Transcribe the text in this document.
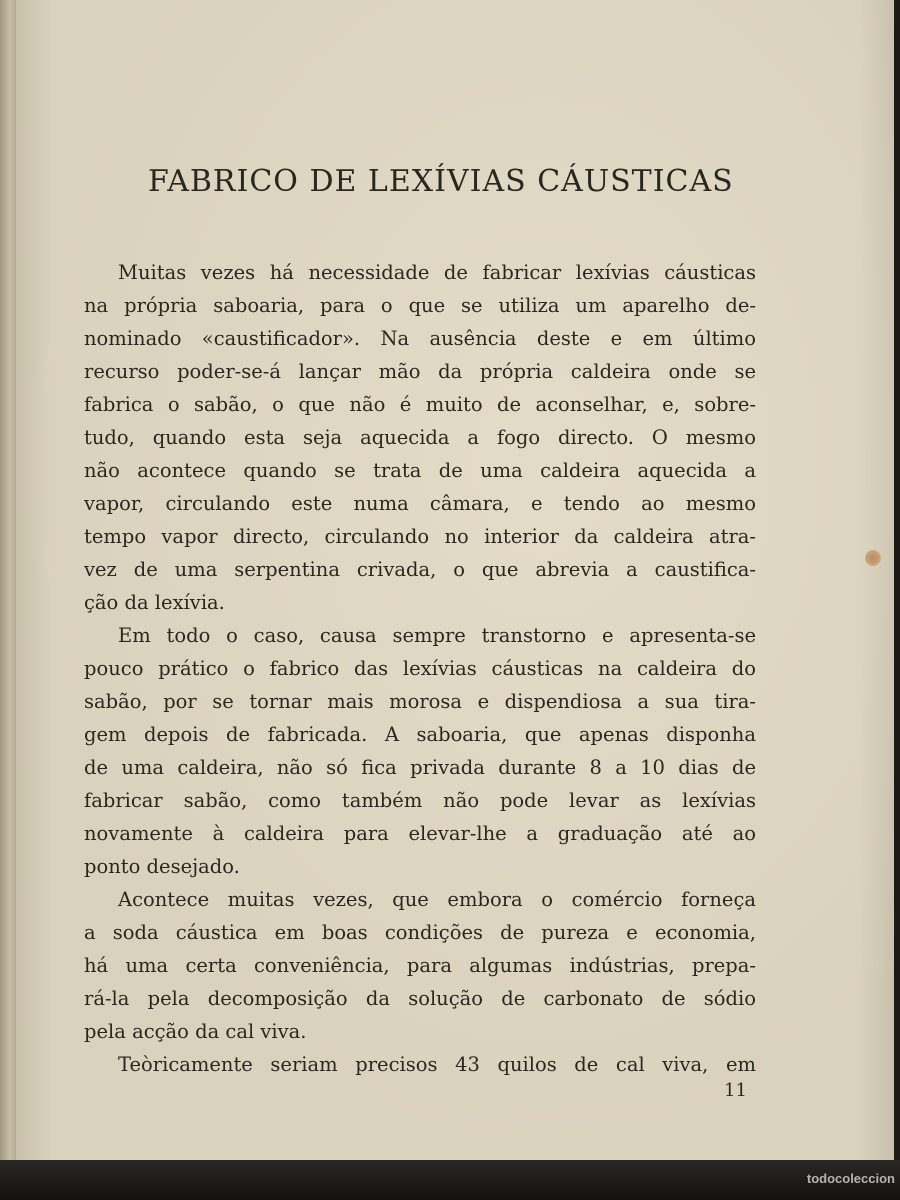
FABRICO DE LEXÍVIAS CÁUSTICAS
Muitas vezes há necessidade de fabricar lexívias cáusticas
na própria saboaria, para o que se utiliza um aparelho de-
nominado «caustificador». Na ausência deste e em último
recurso poder-se-á lançar mão da própria caldeira onde se
fabrica o sabão, o que não é muito de aconselhar, e, sobre-
tudo, quando esta seja aquecida a fogo directo. O mesmo
não acontece quando se trata de uma caldeira aquecida a
vapor, circulando este numa câmara, e tendo ao mesmo
tempo vapor directo, circulando no interior da caldeira atra-
vez de uma serpentina crivada, o que abrevia a caustifica-
ção da lexívia.
Em todo o caso, causa sempre transtorno e apresenta-se
pouco prático o fabrico das lexívias cáusticas na caldeira do
sabão, por se tornar mais morosa e dispendiosa a sua tira-
gem depois de fabricada. A saboaria, que apenas disponha
de uma caldeira, não só fica privada durante 8 a 10 dias de
fabricar sabão, como também não pode levar as lexívias
novamente à caldeira para elevar-lhe a graduação até ao
ponto desejado.
Acontece muitas vezes, que embora o comércio forneça
a soda cáustica em boas condições de pureza e economia,
há uma certa conveniência, para algumas indústrias, prepa-
rá-la pela decomposição da solução de carbonato de sódio
pela acção da cal viva.
Teòricamente seriam precisos 43 quilos de cal viva, em
11
todocoleccion
